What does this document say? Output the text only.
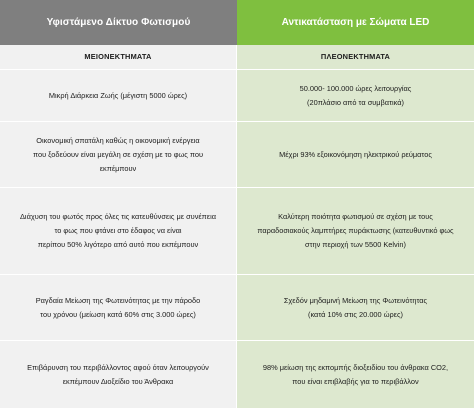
Υφιστάμενο Δίκτυο Φωτισμού	Αντικατάσταση με Σώματα LED
ΜΕΙΟΝΕΚΤΗΜΑΤΑ	ΠΛΕΟΝΕΚΤΗΜΑΤΑ
Μικρή Διάρκεια Ζωής (μέγιστη 5000 ώρες)
50.000- 100.000 ώρες λειτουργίας
(20πλάσιο από τα συμβατικά)
Οικονομική σπατάλη καθώς η οικονομική ενέργεια
που ξοδεύουν είναι μεγάλη σε σχέση με το φως που
εκπέμπουν
Μέχρι 93% εξοικονόμηση ηλεκτρικού ρεύματος
Διάχυση του φωτός προς όλες τις κατευθύνσεις με συνέπεια
το φως που φτάνει στο έδαφος να είναι
περίπου 50% λιγότερο από αυτό που εκπέμπουν
Καλύτερη ποιότητα φωτισμού σε σχέση με τους
παραδοσιακούς λαμπτήρες πυράκτωσης (κατευθυντικό φως
στην περιοχή των 5500 Kelvin)
Ραγδαία Μείωση της Φωτεινότητας με την πάροδο
του χρόνου (μείωση κατά 60% στις 3.000 ώρες)
Σχεδόν μηδαμινή Μείωση της Φωτεινότητας
(κατά 10% στις 20.000 ώρες)
Επιβάρυνση του περιβάλλοντος αφού όταν λειτουργούν
εκπέμπουν Διοξείδιο του Άνθρακα
98% μείωση της εκπομπής διοξειδίου του άνθρακα CO2,
που είναι επιβλαβής για το περιβάλλον
